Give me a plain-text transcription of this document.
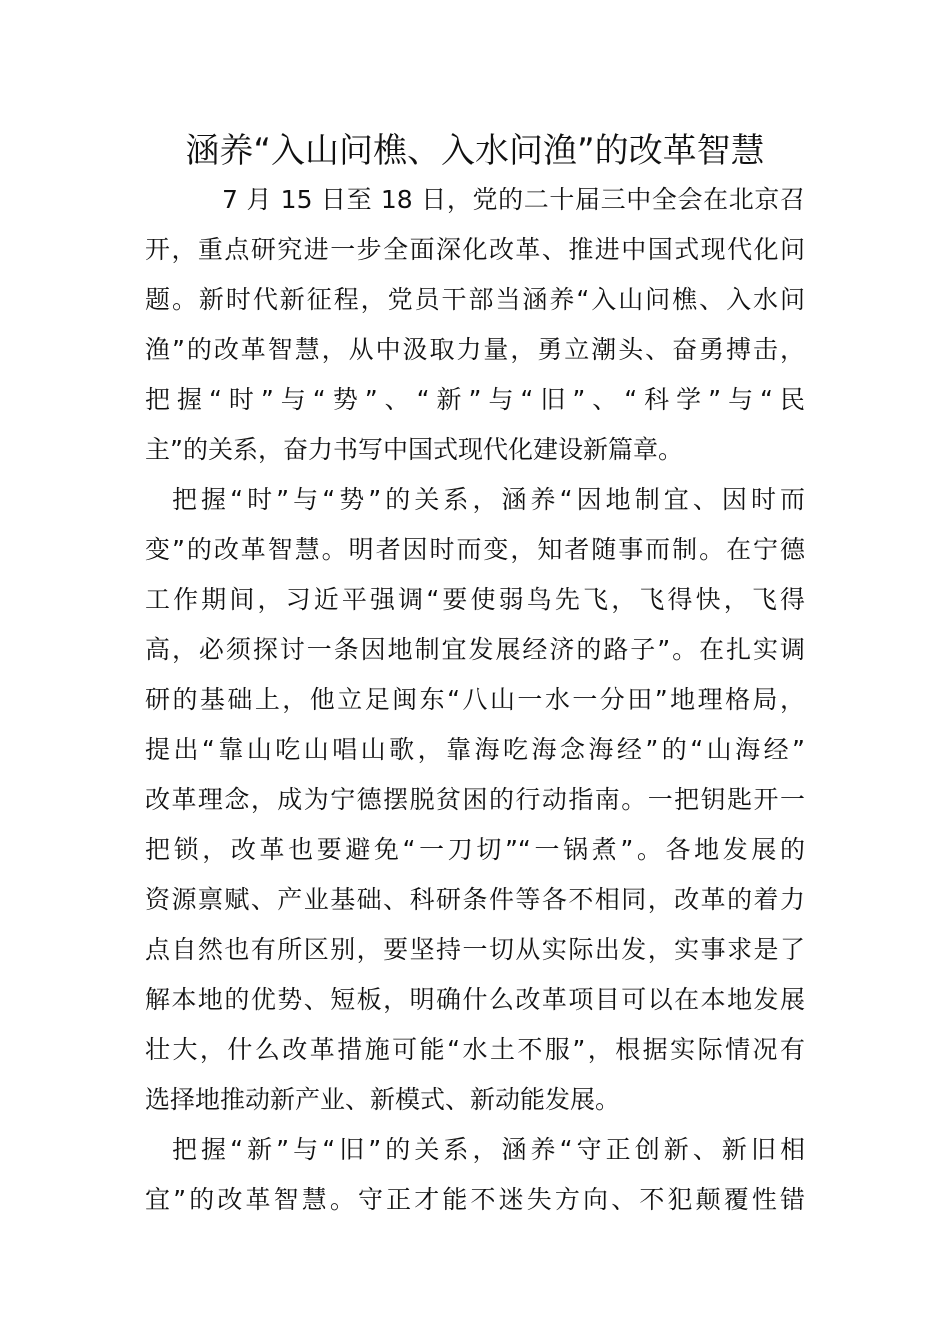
涵养“入山问樵、入水问渔”的改革智慧
7 月 15 日至 18 日，党的二十届三中全会在北京召
开，重点研究进一步全面深化改革、推进中国式现代化问
题。新时代新征程，党员干部当涵养“入山问樵、入水问
渔”的改革智慧，从中汲取力量，勇立潮头、奋勇搏击，
把握“时”与“势”、“新”与“旧”、“科学”与“民
主”的关系，奋力书写中国式现代化建设新篇章。
把握“时”与“势”的关系，涵养“因地制宜、因时而
变”的改革智慧。明者因时而变，知者随事而制。在宁德
工作期间，习近平强调“要使弱鸟先飞，飞得快，飞得
高，必须探讨一条因地制宜发展经济的路子”。在扎实调
研的基础上，他立足闽东“八山一水一分田”地理格局，
提出“靠山吃山唱山歌，靠海吃海念海经”的“山海经”
改革理念，成为宁德摆脱贫困的行动指南。一把钥匙开一
把锁，改革也要避免“一刀切”“一锅煮”。各地发展的
资源禀赋、产业基础、科研条件等各不相同，改革的着力
点自然也有所区别，要坚持一切从实际出发，实事求是了
解本地的优势、短板，明确什么改革项目可以在本地发展
壮大，什么改革措施可能“水土不服”，根据实际情况有
选择地推动新产业、新模式、新动能发展。
把握“新”与“旧”的关系，涵养“守正创新、新旧相
宜”的改革智慧。守正才能不迷失方向、不犯颠覆性错
